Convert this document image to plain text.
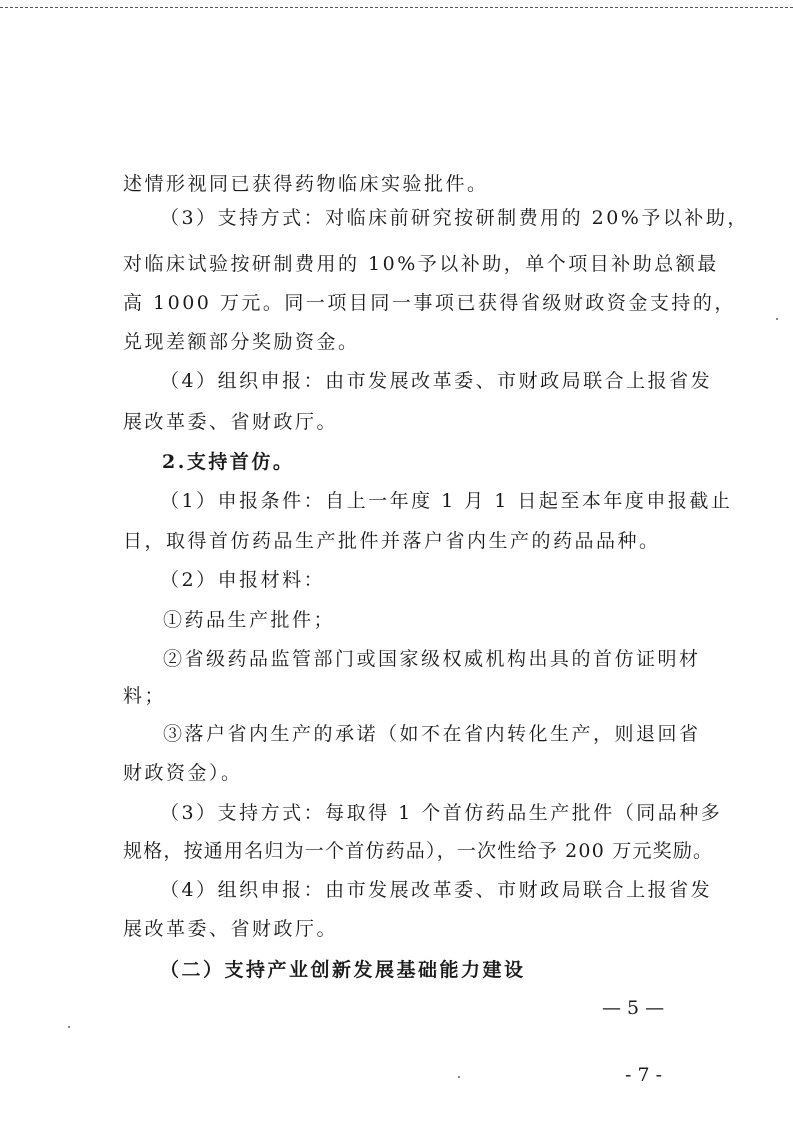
述情形视同已获得药物临床实验批件。
（3）支持方式：对临床前研究按研制费用的 20%予以补助，
对临床试验按研制费用的 10%予以补助，单个项目补助总额最
高 1000 万元。同一项目同一事项已获得省级财政资金支持的，
兑现差额部分奖励资金。
（4）组织申报：由市发展改革委、市财政局联合上报省发
展改革委、省财政厅。
2.支持首仿。
（1）申报条件：自上一年度 1 月 1 日起至本年度申报截止
日，取得首仿药品生产批件并落户省内生产的药品品种。
（2）申报材料：
①药品生产批件；
②省级药品监管部门或国家级权威机构出具的首仿证明材
料；
③落户省内生产的承诺（如不在省内转化生产，则退回省
财政资金）。
（3）支持方式：每取得 1 个首仿药品生产批件（同品种多
规格，按通用名归为一个首仿药品），一次性给予 200 万元奖励。
（4）组织申报：由市发展改革委、市财政局联合上报省发
展改革委、省财政厅。
（二）支持产业创新发展基础能力建设
— 5 —
- 7 -
